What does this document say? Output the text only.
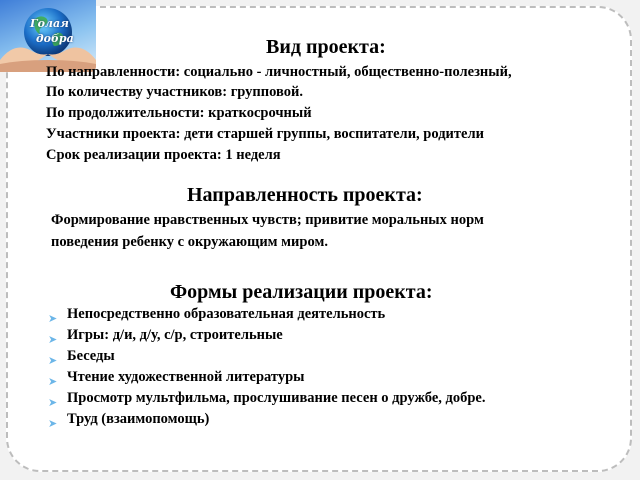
Голая
добра	Вид проекта:

По направленности: социально - личностный, общественно-полезный,

По количеству участников: групповой.

По продолжительности: краткосрочный

Участники проекта: дети старшей группы, воспитатели, родители

Срок реализации проекта: 1 неделя

Направленность проекта:

Формирование нравственных чувств; привитие моральных норм

поведения ребенку с окружающим миром.

Формы реализации проекта:
➤ Непосредственно образовательная деятельность
➤ Игры: д/и, д/у, с/р, строительные
➤ Беседы
➤ Чтение художественной литературы
➤ Просмотр мультфильма, прослушивание песен о дружбе, добре.
➤ Труд (взаимопомощь)
